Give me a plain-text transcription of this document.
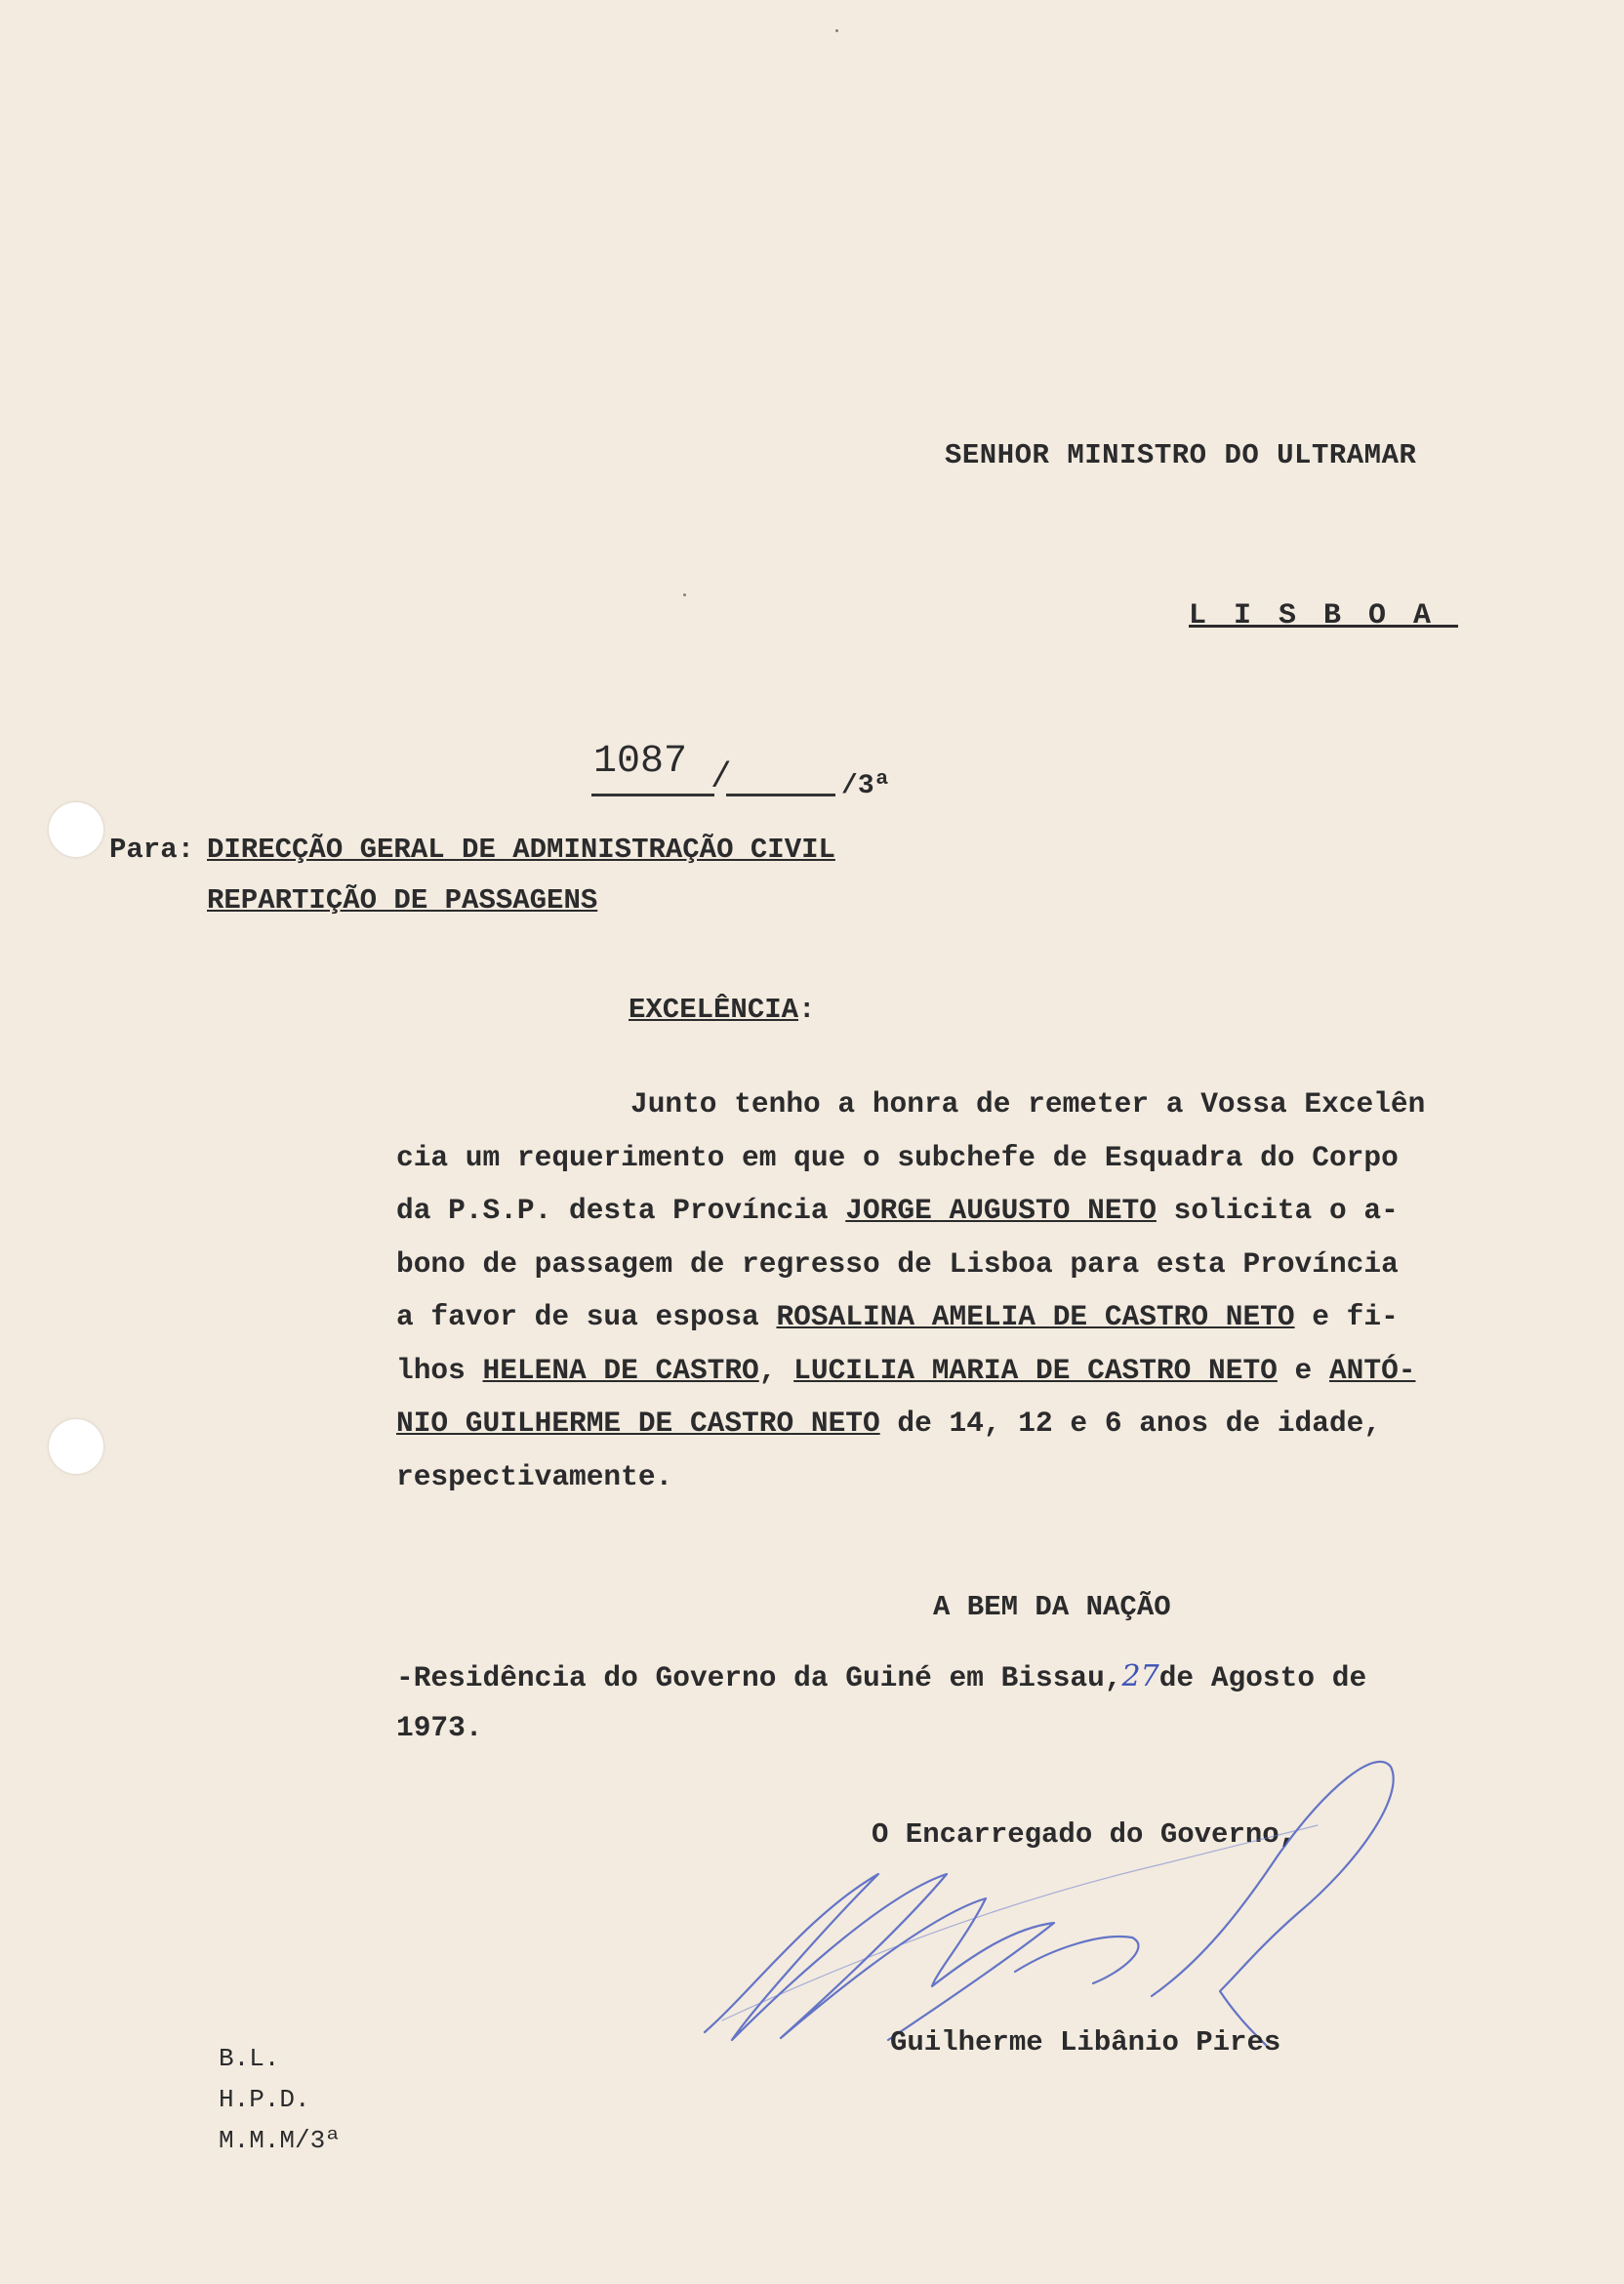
SENHOR MINISTRO DO ULTRAMAR
LISBOA
1087 /	/3ª
Para: DIRECÇÃO GERAL DE ADMINISTRAÇÃO CIVIL
REPARTIÇÃO DE PASSAGENS
EXCELÊNCIA:
Junto tenho a honra de remeter a Vossa Excelên
cia um requerimento em que o subchefe de Esquadra do Corpo
da P.S.P. desta Província JORGE AUGUSTO NETO solicita o a-
bono de passagem de regresso de Lisboa para esta Província
a favor de sua esposa ROSALINA AMELIA DE CASTRO NETO e fi-
lhos HELENA DE CASTRO, LUCILIA MARIA DE CASTRO NETO e ANTÓ-
NIO GUILHERME DE CASTRO NETO de 14, 12 e 6 anos de idade,
respectivamente.
A BEM DA NAÇÃO
-Residência do Governo da Guiné em Bissau,27de Agosto de
1973.
O Encarregado do Governo,
Guilherme Libânio Pires
B.L.
H.P.D.
M.M.M/3ª
